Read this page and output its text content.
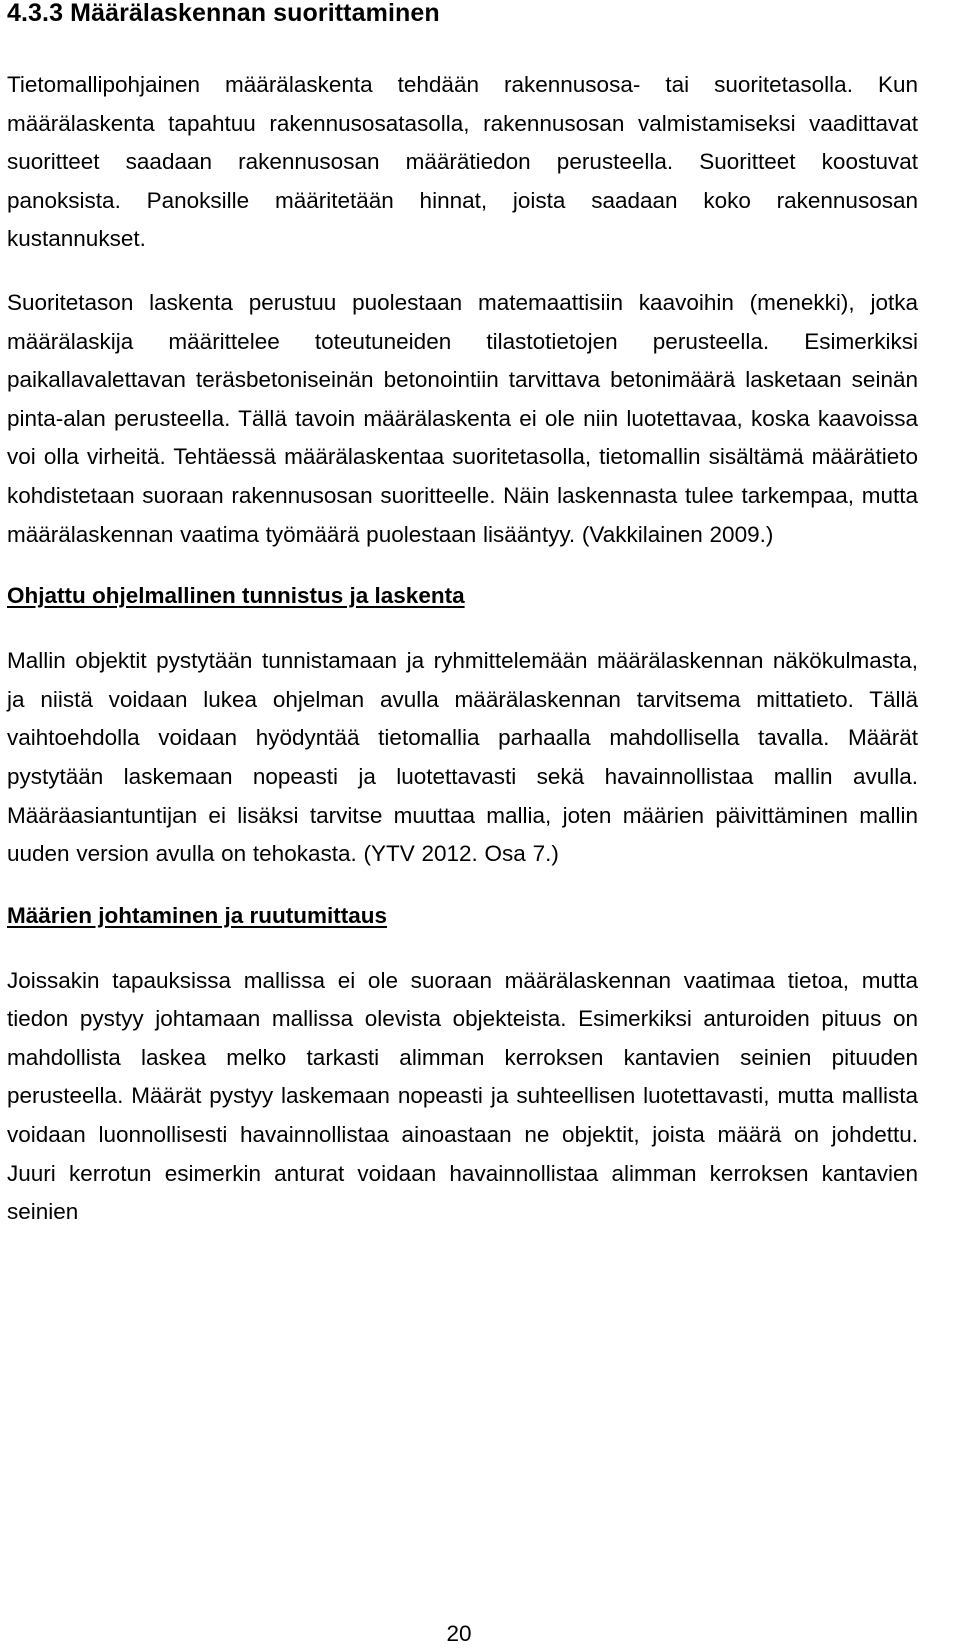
4.3.3 Määrälaskennan suorittaminen

Tietomallipohjainen määrälaskenta tehdään rakennusosa- tai suoritetasolla. Kun määrälaskenta tapahtuu rakennusosatasolla, rakennusosan valmistamiseksi vaadittavat suoritteet saadaan rakennusosan määrätiedon perusteella. Suoritteet koostuvat panoksista. Panoksille määritetään hinnat, joista saadaan koko rakennusosan kustannukset.

Suoritetason laskenta perustuu puolestaan matemaattisiin kaavoihin (menekki), jotka määrälaskija määrittelee toteutuneiden tilastotietojen perusteella. Esimerkiksi paikallavalettavan teräsbetoniseinän betonointiin tarvittava betonimäärä lasketaan seinän pinta-alan perusteella. Tällä tavoin määrälaskenta ei ole niin luotettavaa, koska kaavoissa voi olla virheitä. Tehtäessä määrälaskentaa suoritetasolla, tietomallin sisältämä määrätieto kohdistetaan suoraan rakennusosan suoritteelle. Näin laskennasta tulee tarkempaa, mutta määrälaskennan vaatima työmäärä puolestaan lisääntyy. (Vakkilainen 2009.)

Ohjattu ohjelmallinen tunnistus ja laskenta

Mallin objektit pystytään tunnistamaan ja ryhmittelemään määrälaskennan näkökulmasta, ja niistä voidaan lukea ohjelman avulla määrälaskennan tarvitsema mittatieto. Tällä vaihtoehdolla voidaan hyödyntää tietomallia parhaalla mahdollisella tavalla. Määrät pystytään laskemaan nopeasti ja luotettavasti sekä havainnollistaa mallin avulla. Määräasiantuntijan ei lisäksi tarvitse muuttaa mallia, joten määrien päivittäminen mallin uuden version avulla on tehokasta. (YTV 2012. Osa 7.)

Määrien johtaminen ja ruutumittaus

Joissakin tapauksissa mallissa ei ole suoraan määrälaskennan vaatimaa tietoa, mutta tiedon pystyy johtamaan mallissa olevista objekteista. Esimerkiksi anturoiden pituus on mahdollista laskea melko tarkasti alimman kerroksen kantavien seinien pituuden perusteella. Määrät pystyy laskemaan nopeasti ja suhteellisen luotettavasti, mutta mallista voidaan luonnollisesti havainnollistaa ainoastaan ne objektit, joista määrä on johdettu. Juuri kerrotun esimerkin anturat voidaan havainnollistaa alimman kerroksen kantavien seinien

20
